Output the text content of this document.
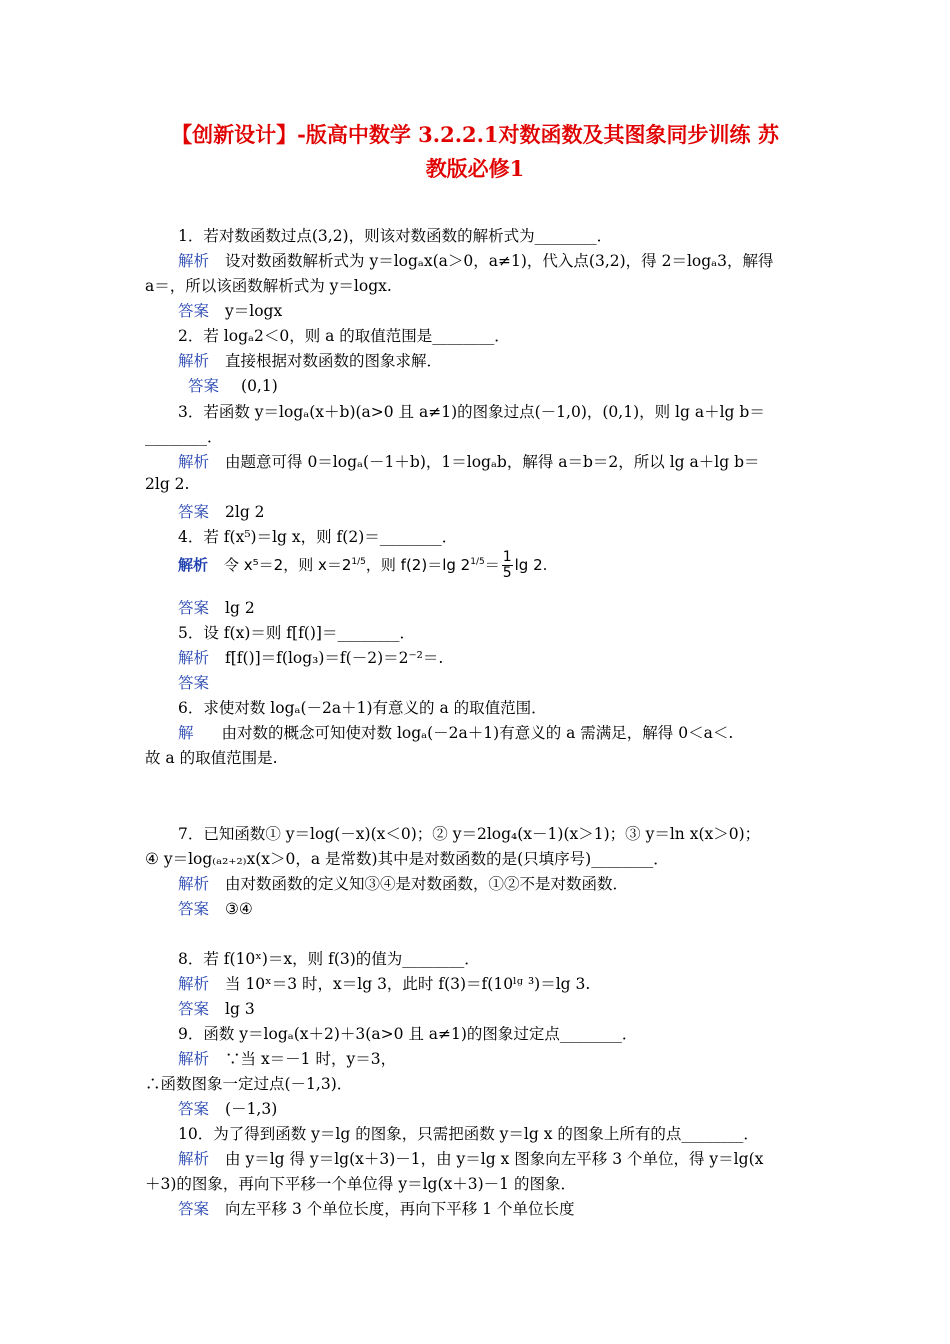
【创新设计】-版高中数学 3.2.2.1对数函数及其图象同步训练 苏
教版必修1
1．若对数函数过点(3,2)，则该对数函数的解析式为________．
解析 设对数函数解析式为 y＝logₐx(a＞0，a≠1)，代入点(3,2)，得 2＝logₐ3，解得
a＝，所以该函数解析式为 y＝logx.
答案 y＝logx
2．若 logₐ2＜0，则 a 的取值范围是________．
解析 直接根据对数函数的图象求解．
答案 (0,1)
3．若函数 y＝logₐ(x＋b)(a>0 且 a≠1)的图象过点(－1,0)，(0,1)，则 lg a＋lg b＝
________．
解析 由题意可得 0＝logₐ(－1＋b)，1＝logₐb，解得 a＝b＝2，所以 lg a＋lg b＝
2lg 2.
答案 2lg 2
4．若 f(x⁵)＝lg x，则 f(2)＝________．
解析 令 x⁵＝2，则 $x=2^{1/5}$，则 f(2)＝lg $2^{1/5}= \frac{1}{5}$ lg 2.
答案 lg 2
5．设 f(x)＝则 f[f()]＝________．
解析 f[f()]＝f(log₃)＝f(－2)＝2⁻²＝.
答案
6．求使对数 logₐ(－2a＋1)有意义的 a 的取值范围．
解 由对数的概念可知使对数 logₐ(－2a＋1)有意义的 a 需满足，解得 0＜a＜.
故 a 的取值范围是.
7．已知函数① y＝log(－x)(x＜0)；② y＝2log₄(x－1)(x＞1)；③ y＝ln x(x＞0)；
④ y＝log₍ₐ₂₊₂₎x(x＞0，a 是常数)其中是对数函数的是(只填序号)________．
解析 由对数函数的定义知③④是对数函数，①②不是对数函数．
答案 ③④
8．若 f(10ˣ)＝x，则 f(3)的值为________．
解析 当 10ˣ＝3 时，x＝lg 3，此时 f(3)＝f(10ˡᵍ ³)＝lg 3.
答案 lg 3
9．函数 y＝logₐ(x＋2)＋3(a>0 且 a≠1)的图象过定点________．
解析 ∵当 x＝－1 时，y＝3，
∴函数图象一定过点(－1,3)．
答案 (－1,3)
10．为了得到函数 y＝lg 的图象，只需把函数 y＝lg x 的图象上所有的点________．
解析 由 y＝lg 得 y＝lg(x＋3)－1，由 y＝lg x 图象向左平移 3 个单位，得 y＝lg(x
＋3)的图象，再向下平移一个单位得 y＝lg(x＋3)－1 的图象．
答案 向左平移 3 个单位长度，再向下平移 1 个单位长度
